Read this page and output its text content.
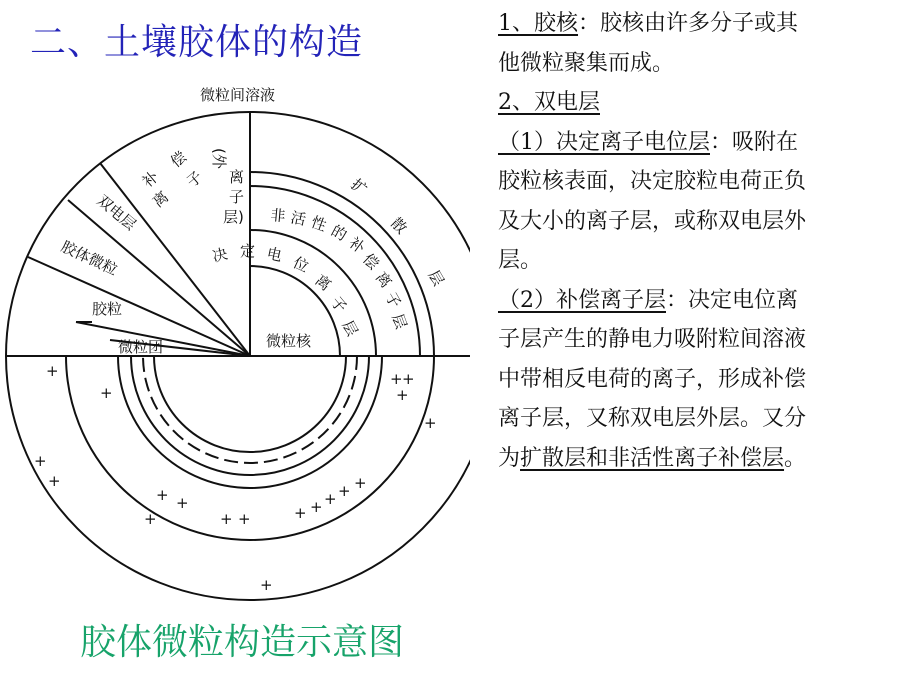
二、土壤胶体的构造
微粒间溶液
(外
离
子
层)
补
偿
离
子
双电层
胶体微粒
胶粒
微粒团
扩
散
层
非 活 性 的
补
偿
离
子
层
决 定 电 位
离
子
层
微粒核
+
+
+
+
+
+ +
+ +	+ + + + +
+ +
+
+
+
胶体微粒构造示意图

1、胶核：胶核由许多分子或其

他微粒聚集而成。

2、双电层

（1）决定离子电位层：吸附在

胶粒核表面，决定胶粒电荷正负

及大小的离子层，或称双电层外

层。

（2）补偿离子层：决定电位离

子层产生的静电力吸附粒间溶液

中带相反电荷的离子，形成补偿

离子层，又称双电层外层。又分

为扩散层和非活性离子补偿层。
